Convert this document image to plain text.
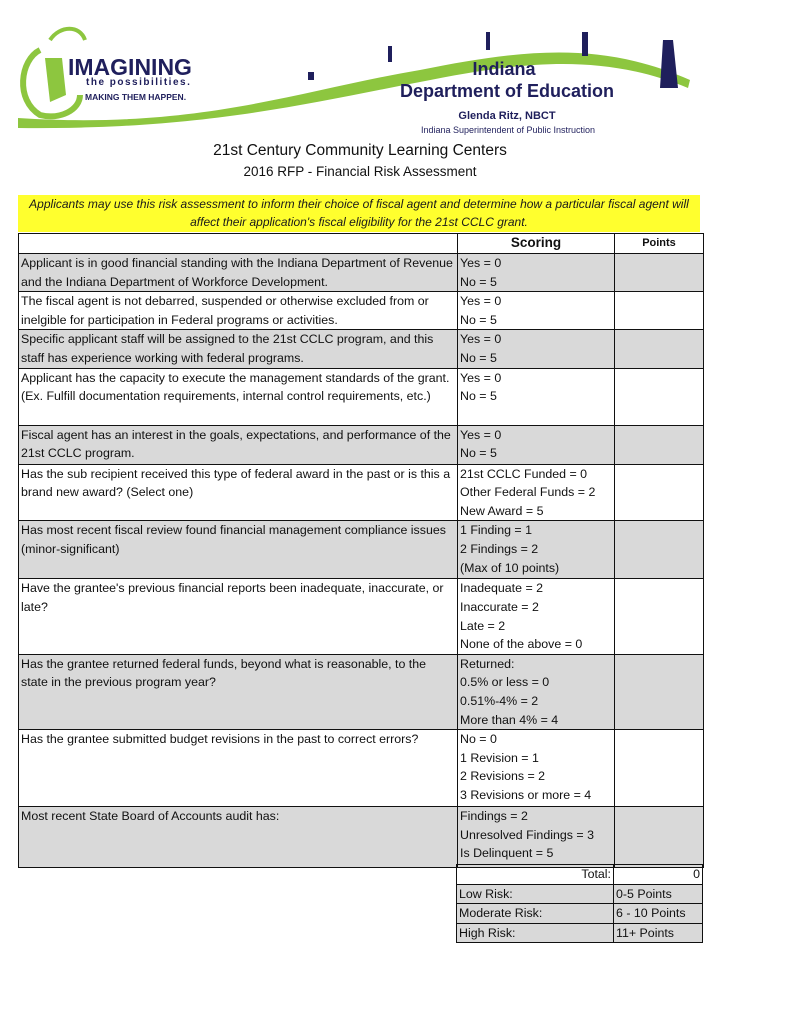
IMAGINING
the possibilities.
MAKING THEM HAPPEN.
Indiana
Department of Education
Glenda Ritz, NBCT
Indiana Superintendent of Public Instruction
21st Century Community Learning Centers
2016 RFP - Financial Risk Assessment
Applicants may use this risk assessment to inform their choice of fiscal agent and determine how a particular fiscal agent will affect their application's fiscal eligibility for the 21st CCLC grant.
	Scoring	Points
Applicant is in good financial standing with the Indiana Department of Revenue and the Indiana Department of Workforce Development.	Yes = 0
No = 5	

The fiscal agent is not debarred, suspended or otherwise excluded from or inelgible for participation in Federal programs or activities.	Yes = 0
No = 5	

Specific applicant staff will be assigned to the 21st CCLC program, and this staff has experience working with federal programs.	Yes = 0
No = 5	

Applicant has the capacity to execute the management standards of the grant. (Ex. Fulfill documentation requirements, internal control requirements, etc.)	Yes = 0
No = 5	

Fiscal agent has an interest in the goals, expectations, and performance of the 21st CCLC program.	Yes = 0
No = 5	

Has the sub recipient received this type of federal award in the past or is this a brand new award? (Select one)	21st CCLC Funded = 0
Other Federal Funds = 2
New Award = 5	

Has most recent fiscal review found financial management compliance issues (minor-significant)	1 Finding = 1
2 Findings = 2
(Max of 10 points)	

Have the grantee's previous financial reports been inadequate, inaccurate, or late?	Inadequate = 2
Inaccurate = 2
Late = 2
None of the above = 0	

Has the grantee returned federal funds, beyond what is reasonable, to the state in the previous program year?	Returned:
0.5% or less = 0
0.51%-4% = 2
More than 4% = 4	

Has the grantee submitted budget revisions in the past to correct errors?	No = 0
1 Revision = 1
2 Revisions = 2
3 Revisions or more = 4	

Most recent State Board of Accounts audit has:	Findings = 2
Unresolved Findings = 3
Is Delinquent = 5	

Total:	0
Low Risk:	0-5 Points
Moderate Risk:	6 - 10 Points
High Risk:	11+ Points
